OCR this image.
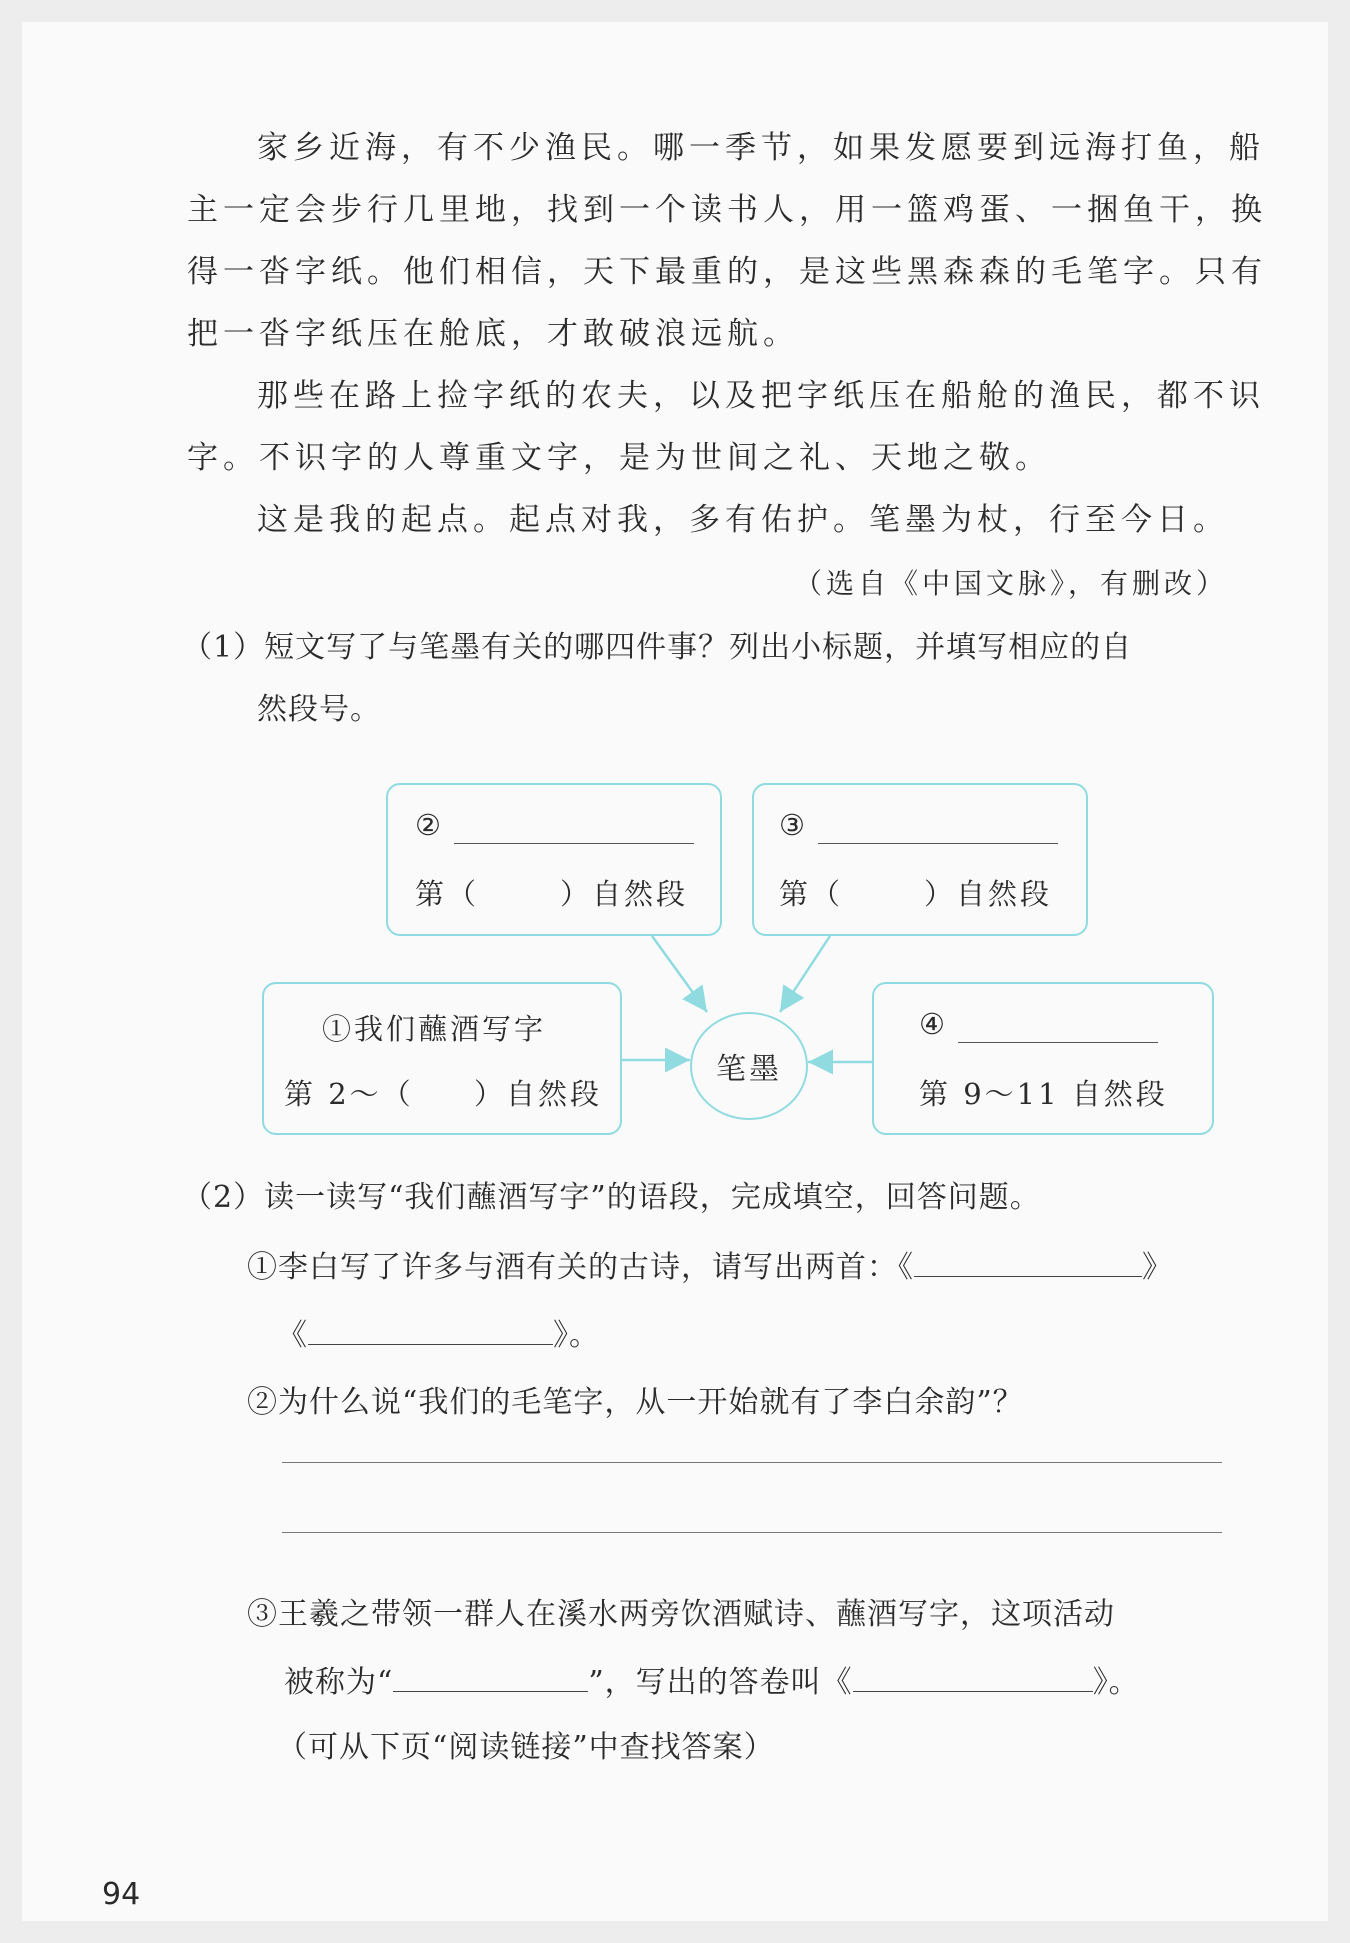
家乡近海，有不少渔民。哪一季节，如果发愿要到远海打鱼，船
主一定会步行几里地，找到一个读书人，用一篮鸡蛋、一捆鱼干，换
得一沓字纸。他们相信，天下最重的，是这些黑森森的毛笔字。只有
把一沓字纸压在舱底，才敢破浪远航。
那些在路上捡字纸的农夫，以及把字纸压在船舱的渔民，都不识
字。不识字的人尊重文字，是为世间之礼、天地之敬。
这是我的起点。起点对我，多有佑护。笔墨为杖，行至今日。
（选自《中国文脉》，有删改）
（1）短文写了与笔墨有关的哪四件事？列出小标题，并填写相应的自
然段号。
②
第（	）自然段
③
第（	）自然段
①我们蘸酒写字
第 2～（ ）自然段
笔墨
④
第 9～11 自然段
（2）读一读写“我们蘸酒写字”的语段，完成填空，回答问题。
①李白写了许多与酒有关的古诗，请写出两首：《	》
《	》。
②为什么说“我们的毛笔字，从一开始就有了李白余韵”？
③王羲之带领一群人在溪水两旁饮酒赋诗、蘸酒写字，这项活动
被称为“	”，写出的答卷叫《	》。
（可从下页“阅读链接”中查找答案）
94
